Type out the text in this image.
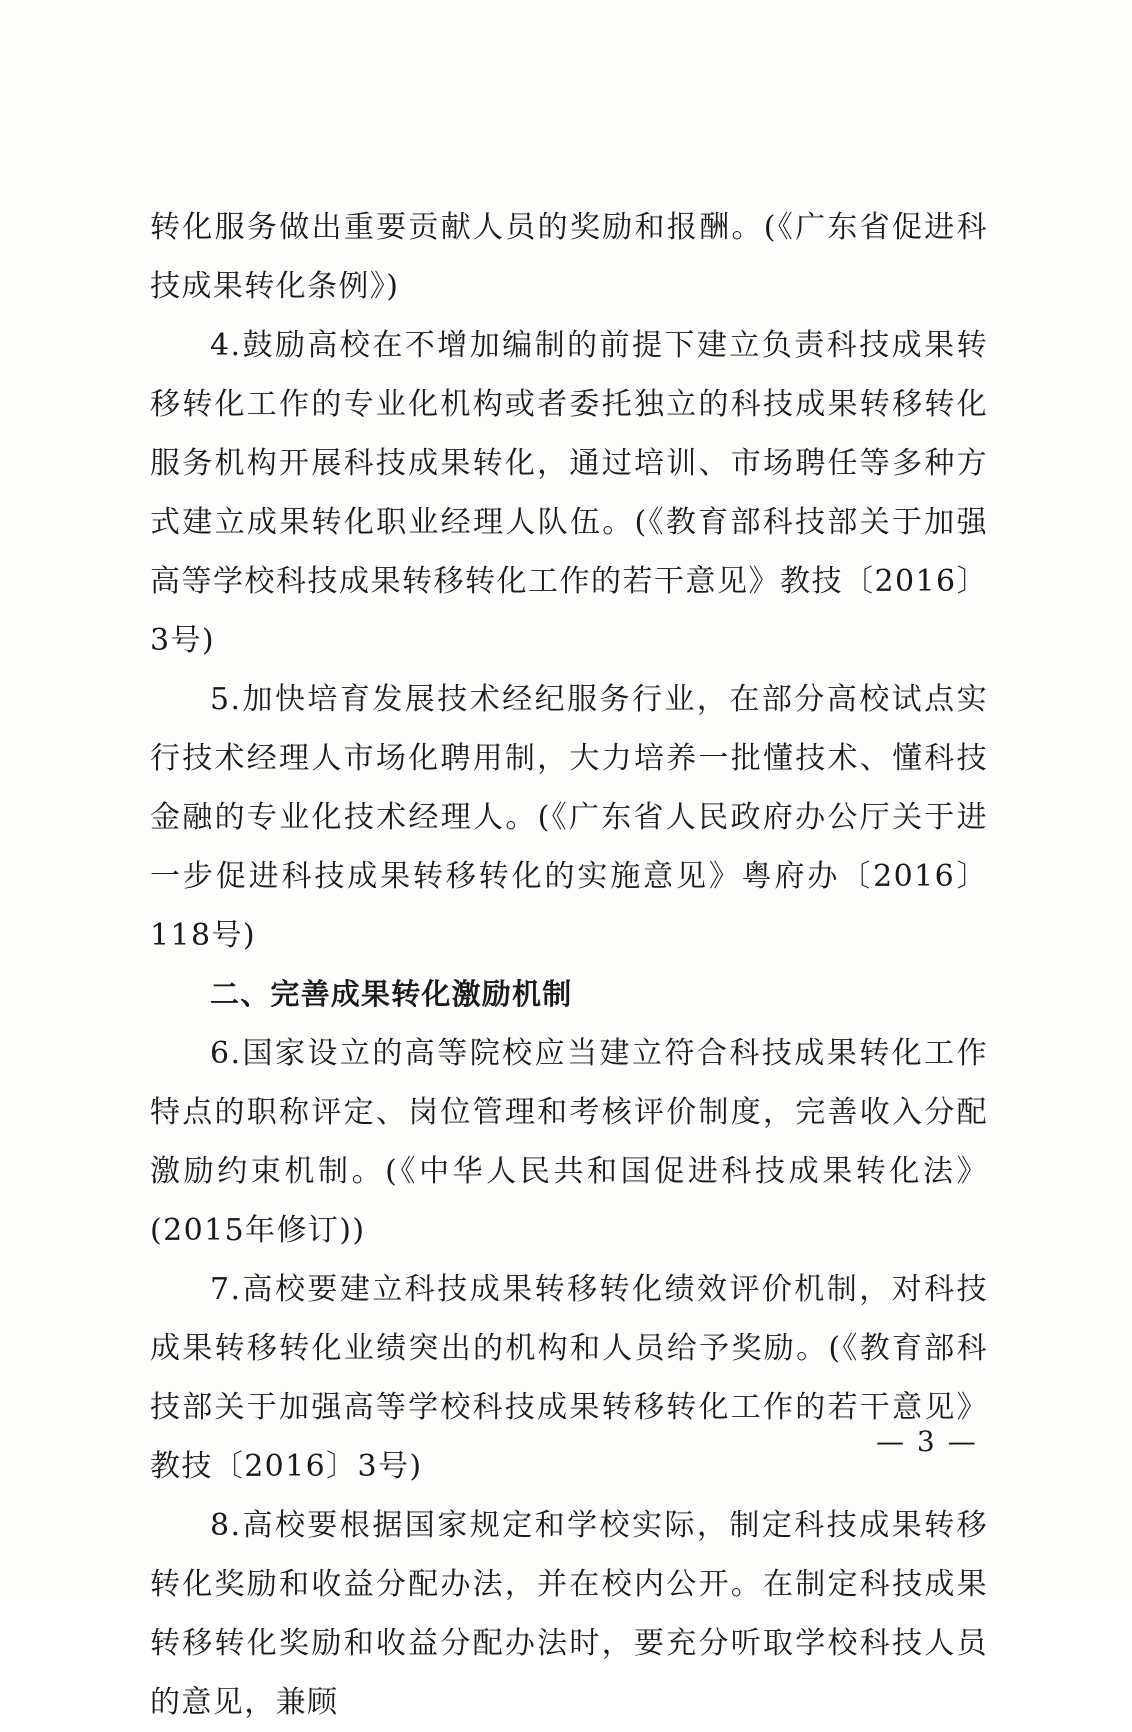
转化服务做出重要贡献人员的奖励和报酬。(《广东省促进科技成果转化条例》)

4.鼓励高校在不增加编制的前提下建立负责科技成果转移转化工作的专业化机构或者委托独立的科技成果转移转化服务机构开展科技成果转化，通过培训、市场聘任等多种方式建立成果转化职业经理人队伍。(《教育部科技部关于加强高等学校科技成果转移转化工作的若干意见》教技〔2016〕3号)

5.加快培育发展技术经纪服务行业，在部分高校试点实行技术经理人市场化聘用制，大力培养一批懂技术、懂科技金融的专业化技术经理人。(《广东省人民政府办公厅关于进一步促进科技成果转移转化的实施意见》粤府办〔2016〕118号)

二、完善成果转化激励机制

6.国家设立的高等院校应当建立符合科技成果转化工作特点的职称评定、岗位管理和考核评价制度，完善收入分配激励约束机制。(《中华人民共和国促进科技成果转化法》(2015年修订))

7.高校要建立科技成果转移转化绩效评价机制，对科技成果转移转化业绩突出的机构和人员给予奖励。(《教育部科技部关于加强高等学校科技成果转移转化工作的若干意见》教技〔2016〕3号)

8.高校要根据国家规定和学校实际，制定科技成果转移转化奖励和收益分配办法，并在校内公开。在制定科技成果转移转化奖励和收益分配办法时，要充分听取学校科技人员的意见，兼顾

— 3 —
